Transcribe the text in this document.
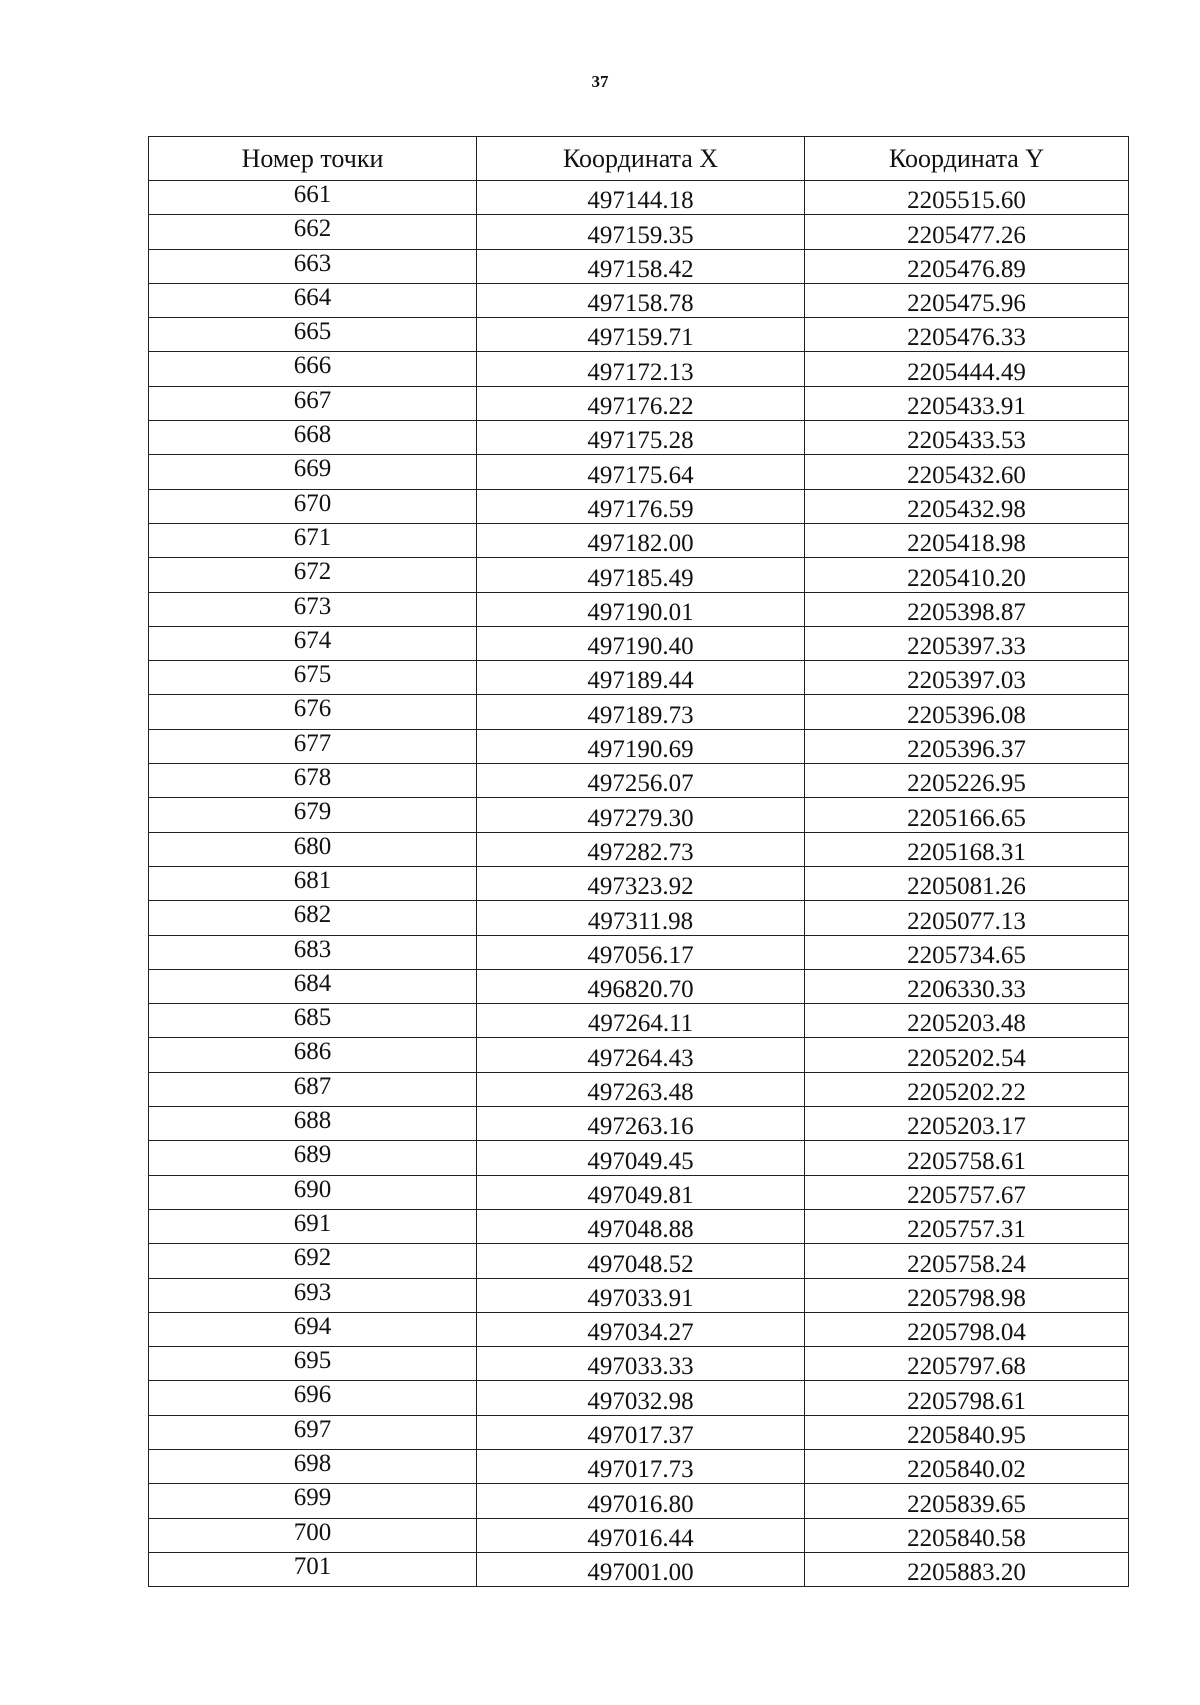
37
Номер точки	Координата X	Координата Y
661	497144.18	2205515.60
662	497159.35	2205477.26
663	497158.42	2205476.89
664	497158.78	2205475.96
665	497159.71	2205476.33
666	497172.13	2205444.49
667	497176.22	2205433.91
668	497175.28	2205433.53
669	497175.64	2205432.60
670	497176.59	2205432.98
671	497182.00	2205418.98
672	497185.49	2205410.20
673	497190.01	2205398.87
674	497190.40	2205397.33
675	497189.44	2205397.03
676	497189.73	2205396.08
677	497190.69	2205396.37
678	497256.07	2205226.95
679	497279.30	2205166.65
680	497282.73	2205168.31
681	497323.92	2205081.26
682	497311.98	2205077.13
683	497056.17	2205734.65
684	496820.70	2206330.33
685	497264.11	2205203.48
686	497264.43	2205202.54
687	497263.48	2205202.22
688	497263.16	2205203.17
689	497049.45	2205758.61
690	497049.81	2205757.67
691	497048.88	2205757.31
692	497048.52	2205758.24
693	497033.91	2205798.98
694	497034.27	2205798.04
695	497033.33	2205797.68
696	497032.98	2205798.61
697	497017.37	2205840.95
698	497017.73	2205840.02
699	497016.80	2205839.65
700	497016.44	2205840.58
701	497001.00	2205883.20
